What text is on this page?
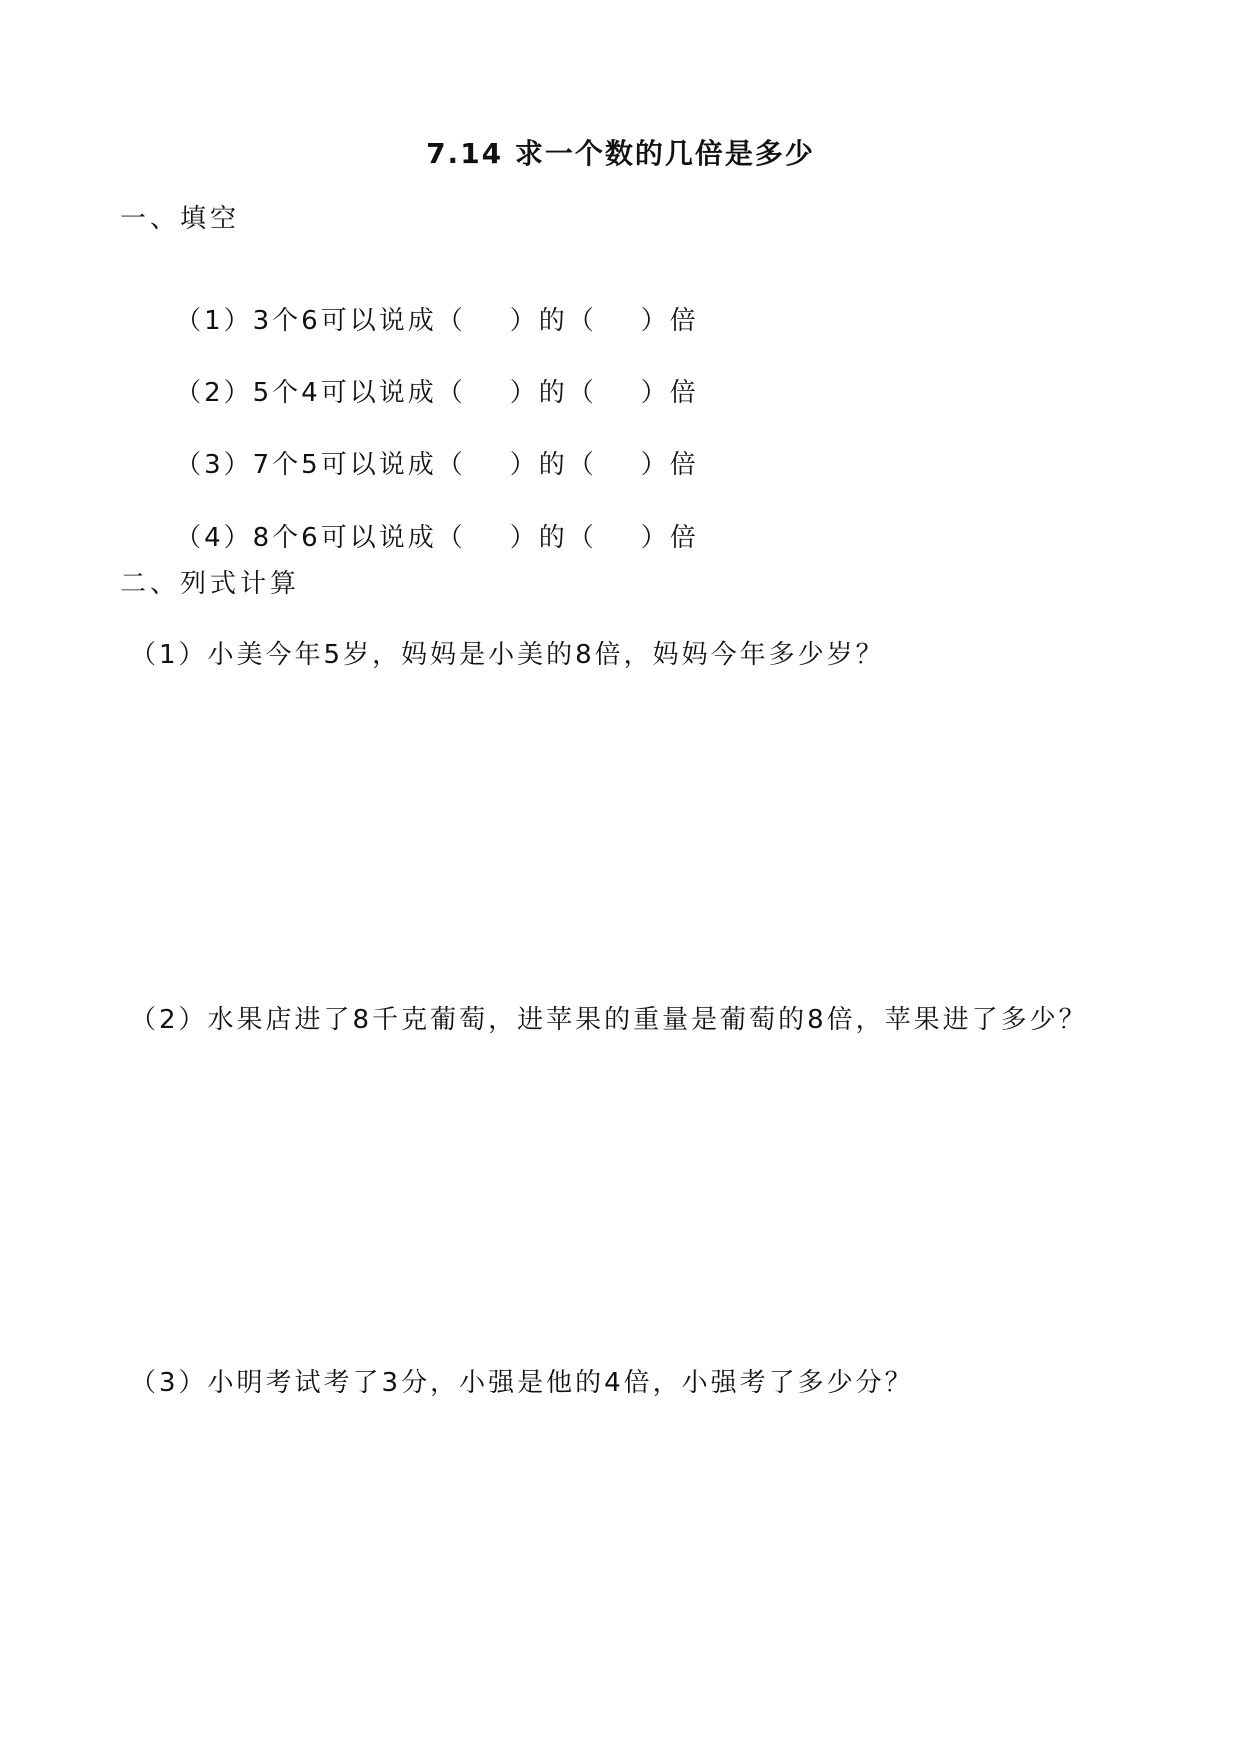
7.14 求一个数的几倍是多少
一、填空

（1）3个6可以说成（ ）的（ ）倍

（2）5个4可以说成（ ）的（ ）倍

（3）7个5可以说成（ ）的（ ）倍

（4）8个6可以说成（ ）的（ ）倍

二、列式计算
（1）小美今年5岁，妈妈是小美的8倍，妈妈今年多少岁？
（2）水果店进了8千克葡萄，进苹果的重量是葡萄的8倍，苹果进了多少？
（3）小明考试考了3分，小强是他的4倍，小强考了多少分？
